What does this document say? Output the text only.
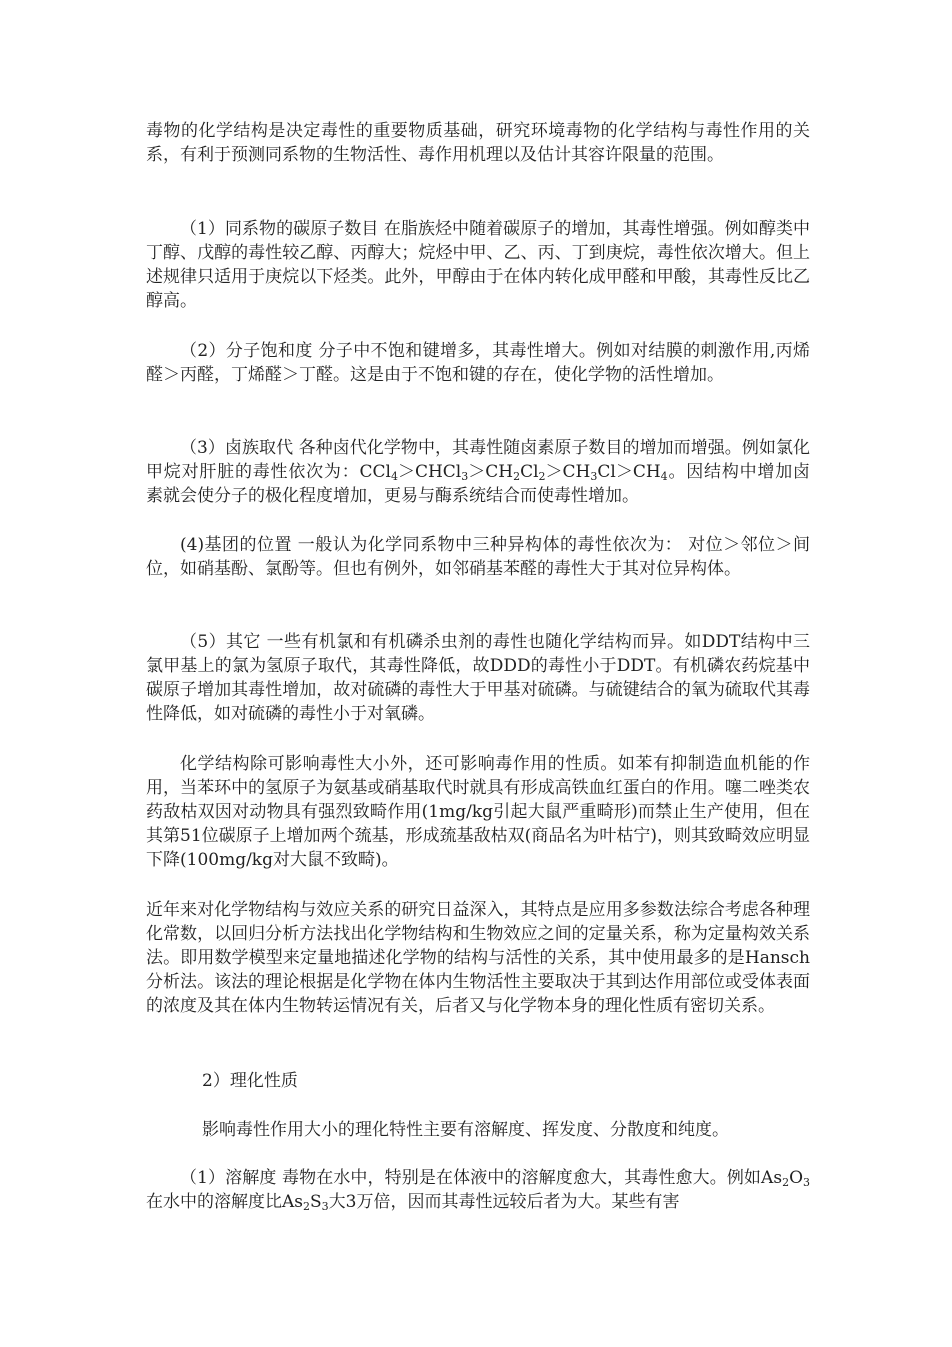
毒物的化学结构是决定毒性的重要物质基础，研究环境毒物的化学结构与毒性作用的关系，有利于预测同系物的生物活性、毒作用机理以及估计其容许限量的范围。

（1）同系物的碳原子数目 在脂族烃中随着碳原子的增加，其毒性增强。例如醇类中丁醇、戊醇的毒性较乙醇、丙醇大；烷烃中甲、乙、丙、丁到庚烷，毒性依次增大。但上述规律只适用于庚烷以下烃类。此外，甲醇由于在体内转化成甲醛和甲酸，其毒性反比乙醇高。

（2）分子饱和度 分子中不饱和键增多，其毒性增大。例如对结膜的刺激作用,丙烯醛＞丙醛，丁烯醛＞丁醛。这是由于不饱和键的存在，使化学物的活性增加。

（3）卤族取代 各种卤代化学物中，其毒性随卤素原子数目的增加而增强。例如氯化甲烷对肝脏的毒性依次为：$CCl_4>CHCl_3>CH_2Cl_2>CH_3Cl>CH_4$。因结构中增加卤素就会使分子的极化程度增加，更易与酶系统结合而使毒性增加。

(4)基团的位置 一般认为化学同系物中三种异构体的毒性依次为： 对位＞邻位＞间位，如硝基酚、氯酚等。但也有例外，如邻硝基苯醛的毒性大于其对位异构体。

（5）其它 一些有机氯和有机磷杀虫剂的毒性也随化学结构而异。如DDT结构中三氯甲基上的氯为氢原子取代，其毒性降低，故DDD的毒性小于DDT。有机磷农药烷基中碳原子增加其毒性增加，故对硫磷的毒性大于甲基对硫磷。与硫键结合的氧为硫取代其毒性降低，如对硫磷的毒性小于对氧磷。

化学结构除可影响毒性大小外，还可影响毒作用的性质。如苯有抑制造血机能的作用，当苯环中的氢原子为氨基或硝基取代时就具有形成高铁血红蛋白的作用。噻二唑类农药敌枯双因对动物具有强烈致畸作用(1mg/kg引起大鼠严重畸形)而禁止生产使用，但在其第51位碳原子上增加两个巯基，形成巯基敌枯双(商品名为叶枯宁)，则其致畸效应明显下降(100mg/kg对大鼠不致畸)。

近年来对化学物结构与效应关系的研究日益深入，其特点是应用多参数法综合考虑各种理化常数，以回归分析方法找出化学物结构和生物效应之间的定量关系，称为定量构效关系法。即用数学模型来定量地描述化学物的结构与活性的关系，其中使用最多的是Hansch分析法。该法的理论根据是化学物在体内生物活性主要取决于其到达作用部位或受体表面的浓度及其在体内生物转运情况有关，后者又与化学物本身的理化性质有密切关系。

2）理化性质

影响毒性作用大小的理化特性主要有溶解度、挥发度、分散度和纯度。

（1）溶解度 毒物在水中，特别是在体液中的溶解度愈大，其毒性愈大。例如$As_2O_3$在水中的溶解度比$As_2S_3$大3万倍，因而其毒性远较后者为大。某些有害
